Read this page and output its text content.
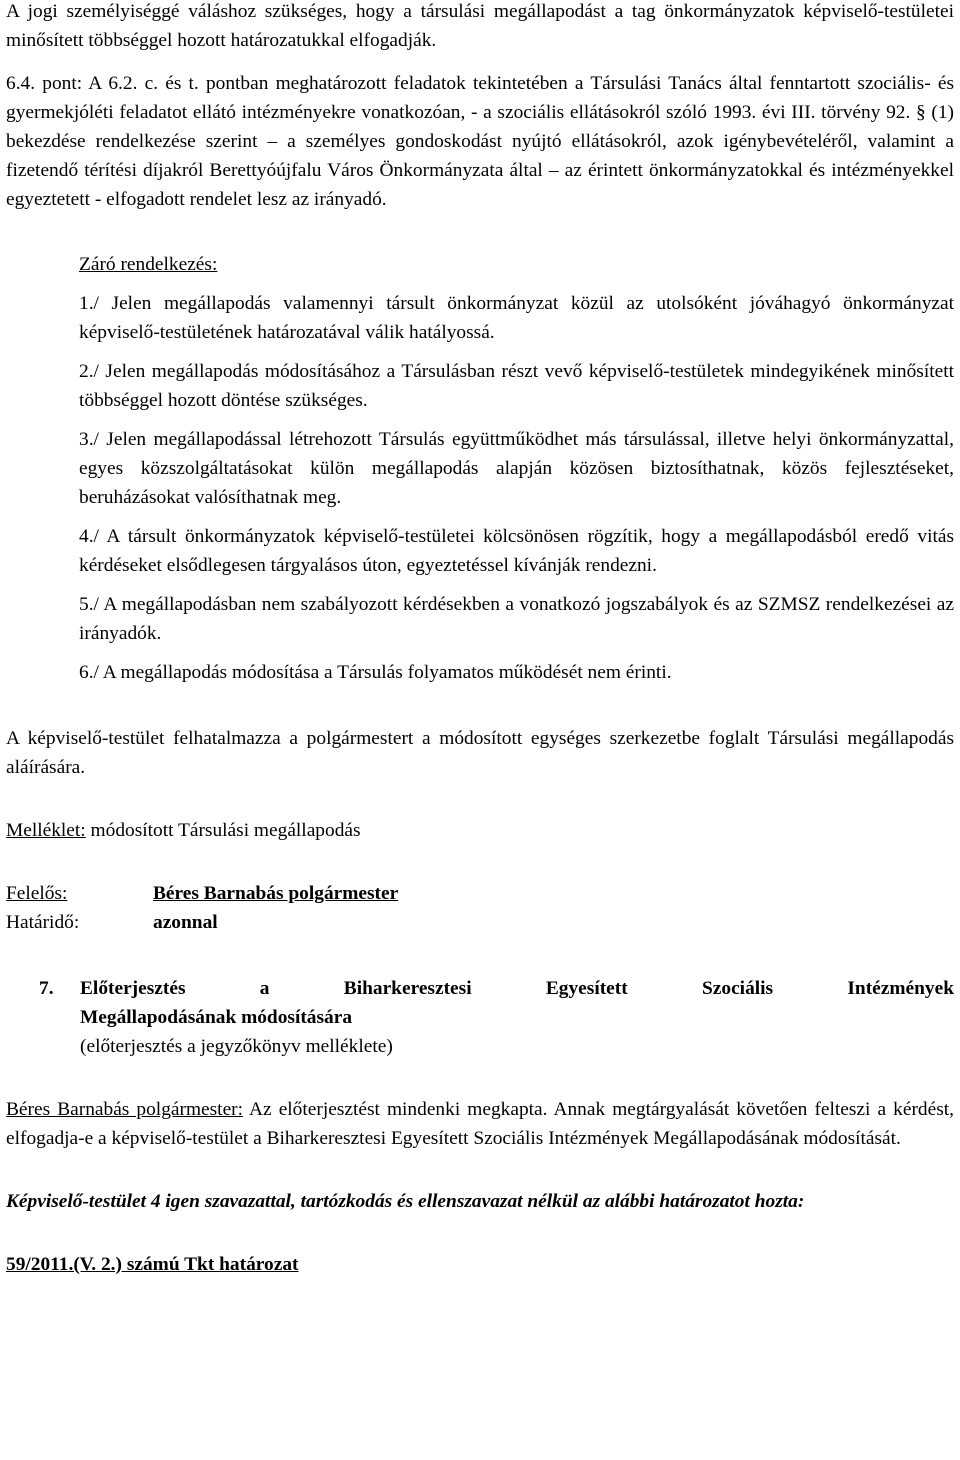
A jogi személyiséggé váláshoz szükséges, hogy a társulási megállapodást a tag önkormányzatok képviselő-testületei minősített többséggel hozott határozatukkal elfogadják.

6.4. pont: A 6.2. c. és t. pontban meghatározott feladatok tekintetében a Társulási Tanács által fenntartott szociális- és gyermekjóléti feladatot ellátó intézményekre vonatkozóan, - a szociális ellátásokról szóló 1993. évi III. törvény 92. § (1) bekezdése rendelkezése szerint – a személyes gondoskodást nyújtó ellátásokról, azok igénybevételéről, valamint a fizetendő térítési díjakról Berettyóújfalu Város Önkormányzata által – az érintett önkormányzatokkal és intézményekkel egyeztetett - elfogadott rendelet lesz az irányadó.

Záró rendelkezés:

1./ Jelen megállapodás valamennyi társult önkormányzat közül az utolsóként jóváhagyó önkormányzat képviselő-testületének határozatával válik hatályossá.

2./ Jelen megállapodás módosításához a Társulásban részt vevő képviselő-testületek mindegyikének minősített többséggel hozott döntése szükséges.

3./ Jelen megállapodással létrehozott Társulás együttműködhet más társulással, illetve helyi önkormányzattal, egyes közszolgáltatásokat külön megállapodás alapján közösen biztosíthatnak, közös fejlesztéseket, beruházásokat valósíthatnak meg.

4./ A társult önkormányzatok képviselő-testületei kölcsönösen rögzítik, hogy a megállapodásból eredő vitás kérdéseket elsődlegesen tárgyalásos úton, egyeztetéssel kívánják rendezni.

5./ A megállapodásban nem szabályozott kérdésekben a vonatkozó jogszabályok és az SZMSZ rendelkezései az irányadók.

6./ A megállapodás módosítása a Társulás folyamatos működését nem érinti.

A képviselő-testület felhatalmazza a polgármestert a módosított egységes szerkezetbe foglalt Társulási megállapodás aláírására.

Melléklet: módosított Társulási megállapodás

Felelős:	Béres Barnabás polgármester
Határidő:	azonnal
7.	Előterjesztés a Biharkeresztesi Egyesített Szociális Intézmények

Megállapodásának módosítására

(előterjesztés a jegyzőkönyv melléklete)

Béres Barnabás polgármester: Az előterjesztést mindenki megkapta. Annak megtárgyalását követően felteszi a kérdést, elfogadja-e a képviselő-testület a Biharkeresztesi Egyesített Szociális Intézmények Megállapodásának módosítását.

Képviselő-testület 4 igen szavazattal, tartózkodás és ellenszavazat nélkül az alábbi határozatot hozta:

59/2011.(V. 2.) számú Tkt határozat
